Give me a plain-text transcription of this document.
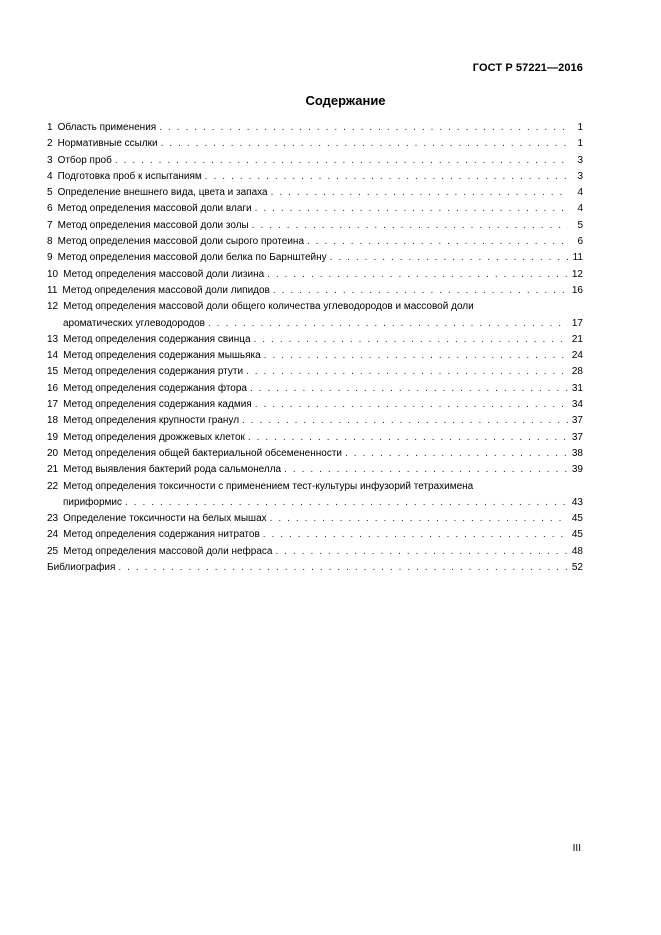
ГОСТ Р 57221—2016
Содержание
1 Область применения . . .	1
2 Нормативные ссылки . . .	1
3 Отбор проб . . .	3
4 Подготовка проб к испытаниям . . .	3
5 Определение внешнего вида, цвета и запаха . . .	4
6 Метод определения массовой доли влаги . . .	4
7 Метод определения массовой доли золы . . .	5
8 Метод определения массовой доли сырого протеина . . .	6
9 Метод определения массовой доли белка по Барнштейну . . .	11
10 Метод определения массовой доли лизина . . .	12
11 Метод определения массовой доли липидов . . .	16
12 Метод определения массовой доли общего количества углеводородов и массовой доли
ароматических углеводородов . . .	17
13 Метод определения содержания свинца . . .	21
14 Метод определения содержания мышьяка . . .	24
15 Метод определения содержания ртути . . .	28
16 Метод определения содержания фтора . . .	31
17 Метод определения содержания кадмия . . .	34
18 Метод определения крупности гранул . . .	37
19 Метод определения дрожжевых клеток . . .	37
20 Метод определения общей бактериальной обсемененности . . .	38
21 Метод выявления бактерий рода сальмонелла . . .	39
22 Метод определения токсичности с применением тест-культуры инфузорий тетрахимена
пириформис . . .	43
23 Определение токсичности на белых мышах . . .	45
24 Метод определения содержания нитратов . . .	45
25 Метод определения массовой доли нефраса . . .	48
Библиография . . .	52
III
